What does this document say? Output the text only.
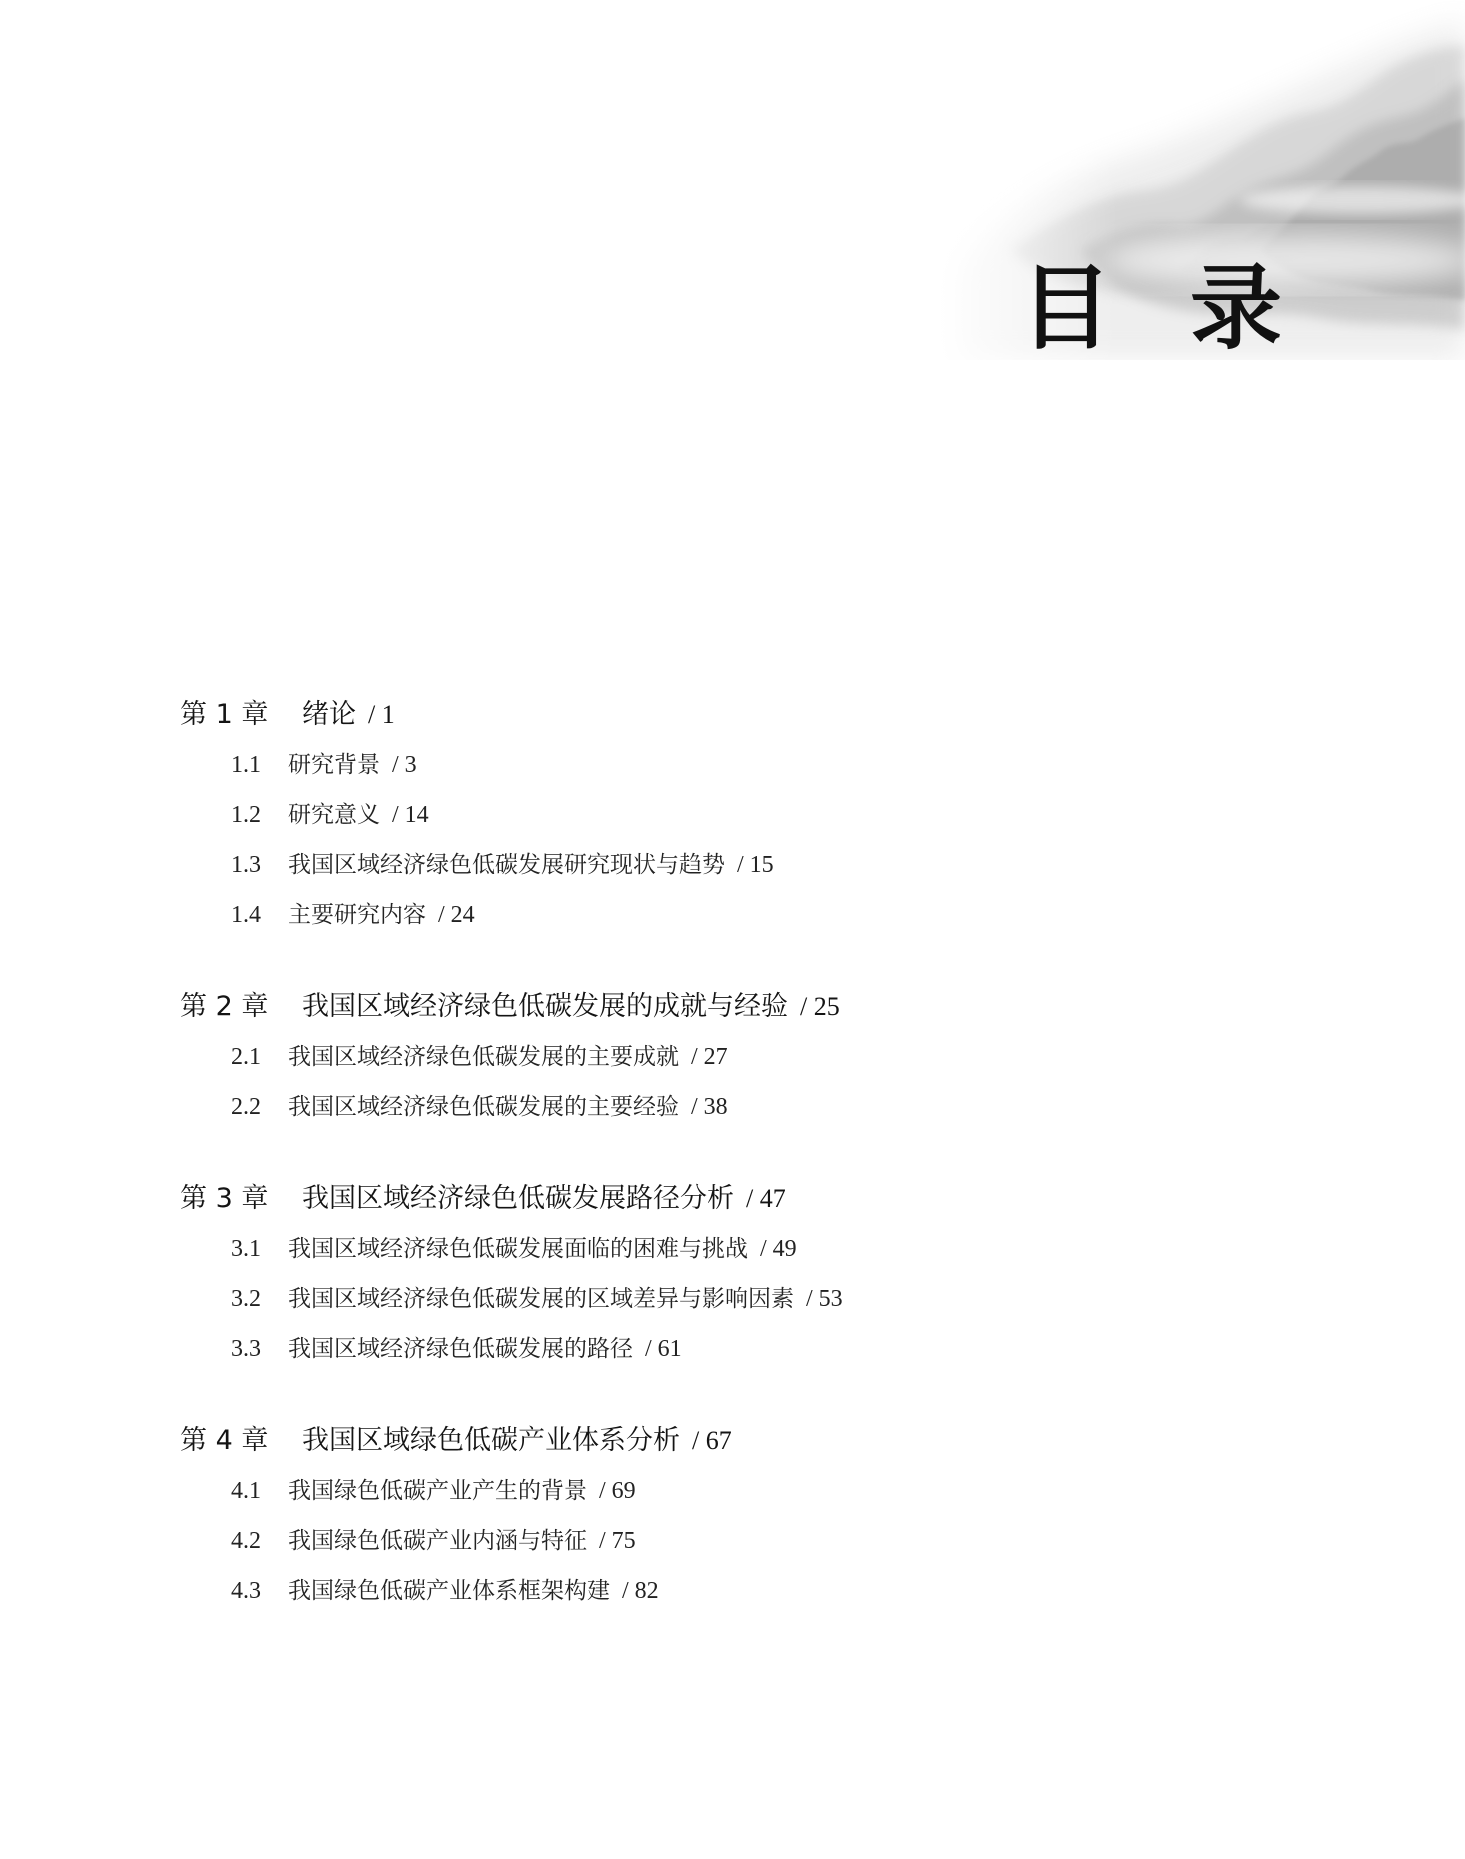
目 录
第 1 章 绪论 / 1
1.1 研究背景 / 3
1.2 研究意义 / 14
1.3 我国区域经济绿色低碳发展研究现状与趋势 / 15
1.4 主要研究内容 / 24
第 2 章 我国区域经济绿色低碳发展的成就与经验 / 25
2.1 我国区域经济绿色低碳发展的主要成就 / 27
2.2 我国区域经济绿色低碳发展的主要经验 / 38
第 3 章 我国区域经济绿色低碳发展路径分析 / 47
3.1 我国区域经济绿色低碳发展面临的困难与挑战 / 49
3.2 我国区域经济绿色低碳发展的区域差异与影响因素 / 53
3.3 我国区域经济绿色低碳发展的路径 / 61
第 4 章 我国区域绿色低碳产业体系分析 / 67
4.1 我国绿色低碳产业产生的背景 / 69
4.2 我国绿色低碳产业内涵与特征 / 75
4.3 我国绿色低碳产业体系框架构建 / 82
